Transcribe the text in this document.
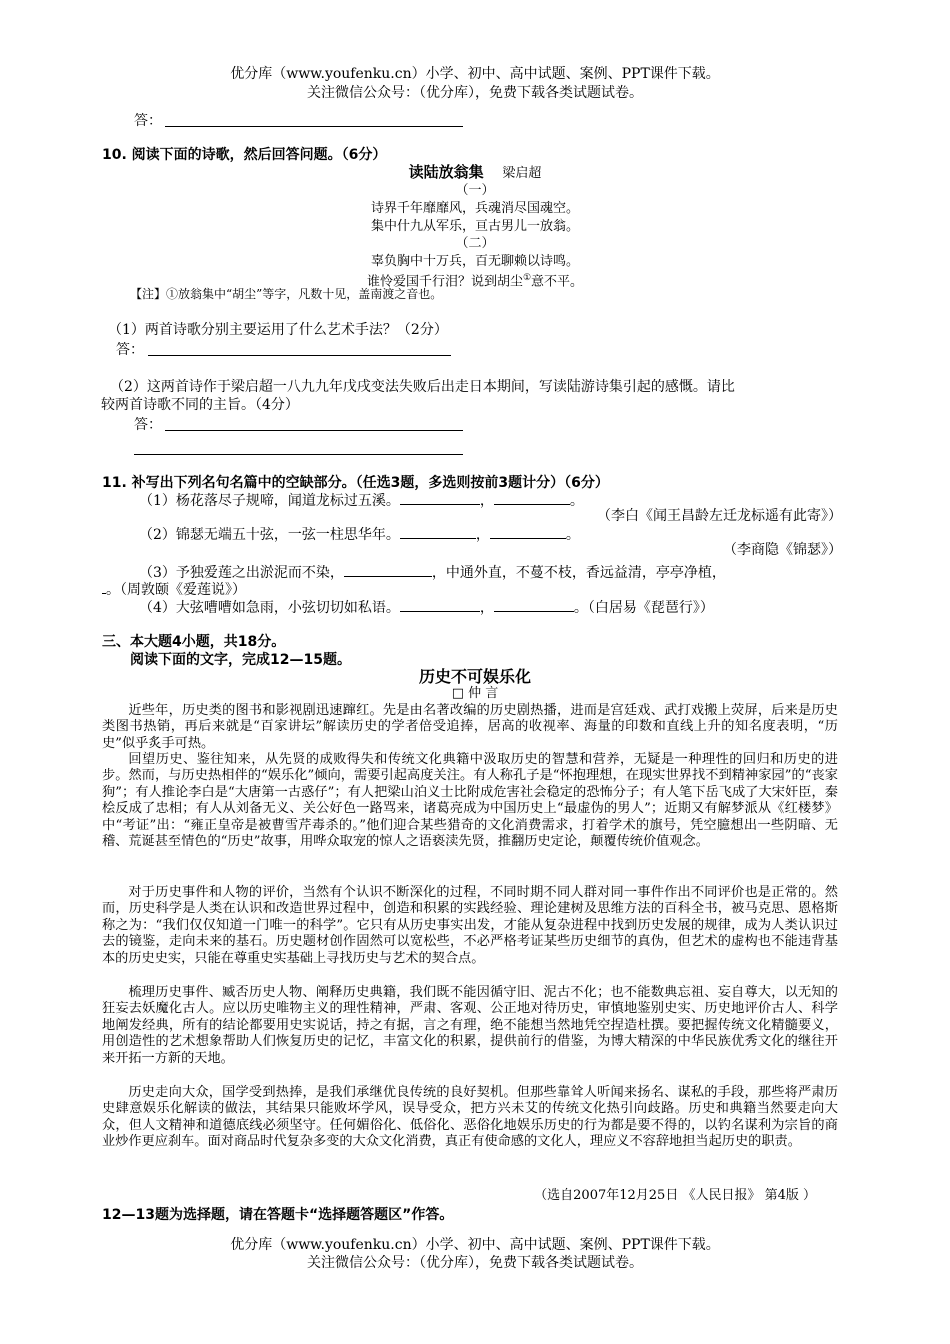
优分库（www.youfenku.cn）小学、初中、高中试题、案例、PPT课件下载。
关注微信公众号：（优分库），免费下载各类试题试卷。
答：
10. 阅读下面的诗歌，然后回答问题。（6分）
读陆放翁集 梁启超
（一）
诗界千年靡靡风，兵魂消尽国魂空。
集中什九从军乐，亘古男儿一放翁。
（二）
辜负胸中十万兵，百无聊赖以诗鸣。
谁怜爱国千行泪？说到胡尘①意不平。
【注】①放翁集中“胡尘”等字，凡数十见，盖南渡之音也。
（1）两首诗歌分别主要运用了什么艺术手法？（2分）
答：
（2）这两首诗作于梁启超一八九九年戊戌变法失败后出走日本期间，写读陆游诗集引起的感慨。请比
较两首诗歌不同的主旨。（4分）
答：
11. 补写出下列名句名篇中的空缺部分。（任选3题，多选则按前3题计分）（6分）
（1）杨花落尽子规啼，闻道龙标过五溪。	，	。
（李白《闻王昌龄左迁龙标遥有此寄》）
（2）锦瑟无端五十弦，一弦一柱思华年。	，	。
（李商隐《锦瑟》）
（3）予独爱莲之出淤泥而不染，	，中通外直，不蔓不枝，香远益清，亭亭净植，
。（周敦颐《爱莲说》）
（4）大弦嘈嘈如急雨，小弦切切如私语。	，	。（白居易《琵琶行》）
三、本大题4小题，共18分。
阅读下面的文字，完成12—15题。
历史不可娱乐化
□ 仲 言
近些年，历史类的图书和影视剧迅速蹿红。先是由名著改编的历史剧热播，进而是宫廷戏、武打戏搬上荧屏，后来是历史类图书热销，再后来就是“百家讲坛”解读历史的学者倍受追捧，居高的收视率、海量的印数和直线上升的知名度表明，“历史”似乎炙手可热。
回望历史、鉴往知来，从先贤的成败得失和传统文化典籍中汲取历史的智慧和营养，无疑是一种理性的回归和历史的进步。然而，与历史热相伴的“娱乐化”倾向，需要引起高度关注。有人称孔子是“怀抱理想，在现实世界找不到精神家园”的“丧家狗”；有人推论李白是“大唐第一古惑仔”；有人把梁山泊义士比附成危害社会稳定的恐怖分子；有人笔下岳飞成了大宋奸臣，秦桧反成了忠相；有人从刘备无义、关公好色一路骂来，诸葛亮成为中国历史上“最虚伪的男人”；近期又有解梦派从《红楼梦》中“考证”出：“雍正皇帝是被曹雪芹毒杀的。”他们迎合某些猎奇的文化消费需求，打着学术的旗号，凭空臆想出一些阴暗、无稽、荒诞甚至情色的“历史”故事，用哗众取宠的惊人之语亵渎先贤，推翻历史定论，颠覆传统价值观念。
对于历史事件和人物的评价，当然有个认识不断深化的过程，不同时期不同人群对同一事件作出不同评价也是正常的。然而，历史科学是人类在认识和改造世界过程中，创造和积累的实践经验、理论建树及思维方法的百科全书，被马克思、恩格斯称之为：“我们仅仅知道一门唯一的科学”。它只有从历史事实出发，才能从复杂进程中找到历史发展的规律，成为人类认识过去的镜鉴，走向未来的基石。历史题材创作固然可以宽松些，不必严格考证某些历史细节的真伪，但艺术的虚构也不能违背基本的历史史实，只能在尊重史实基础上寻找历史与艺术的契合点。
梳理历史事件、臧否历史人物、阐释历史典籍，我们既不能因循守旧、泥古不化；也不能数典忘祖、妄自尊大，以无知的狂妄去妖魔化古人。应以历史唯物主义的理性精神，严肃、客观、公正地对待历史，审慎地鉴别史实、历史地评价古人、科学地阐发经典，所有的结论都要用史实说话，持之有据，言之有理，绝不能想当然地凭空捏造杜撰。要把握传统文化精髓要义，用创造性的艺术想象帮助人们恢复历史的记忆，丰富文化的积累，提供前行的借鉴，为博大精深的中华民族优秀文化的继往开来开拓一方新的天地。
历史走向大众，国学受到热捧，是我们承继优良传统的良好契机。但那些靠耸人听闻来扬名、谋私的手段，那些将严肃历史肆意娱乐化解读的做法，其结果只能败坏学风，误导受众，把方兴未艾的传统文化热引向歧路。历史和典籍当然要走向大众，但人文精神和道德底线必须坚守。任何媚俗化、低俗化、恶俗化地娱乐历史的行为都是要不得的，以钓名谋利为宗旨的商业炒作更应刹车。面对商品时代复杂多变的大众文化消费，真正有使命感的文化人，理应义不容辞地担当起历史的职责。
（选自2007年12月25日 《人民日报》 第4版 ）
12—13题为选择题，请在答题卡“选择题答题区”作答。
优分库（www.youfenku.cn）小学、初中、高中试题、案例、PPT课件下载。
关注微信公众号：（优分库），免费下载各类试题试卷。
